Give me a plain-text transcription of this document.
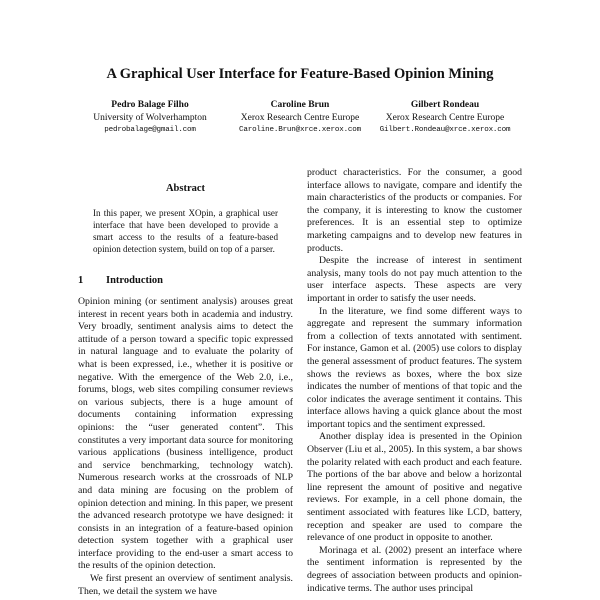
A Graphical User Interface for Feature-Based Opinion Mining
Pedro Balage Filho
University of Wolverhampton
pedrobalage@gmail.com
Caroline Brun
Xerox Research Centre Europe
Caroline.Brun@xrce.xerox.com
Gilbert Rondeau
Xerox Research Centre Europe
Gilbert.Rondeau@xrce.xerox.com
Abstract
In this paper, we present XOpin, a graphical user interface that have been developed to provide a smart access to the results of a feature-based opinion detection system, build on top of a parser.
1 Introduction

Opinion mining (or sentiment analysis) arouses great interest in recent years both in academia and industry. Very broadly, sentiment analysis aims to detect the attitude of a person toward a specific topic expressed in natural language and to evaluate the polarity of what is been expressed, i.e., whether it is positive or negative. With the emergence of the Web 2.0, i.e., forums, blogs, web sites compiling consumer reviews on various subjects, there is a huge amount of documents containing information expressing opinions: the “user generated content”. This constitutes a very important data source for monitoring various applications (business intelligence, product and service benchmarking, technology watch). Numerous research works at the crossroads of NLP and data mining are focusing on the problem of opinion detection and mining. In this paper, we present the advanced research prototype we have designed: it consists in an integration of a feature-based opinion detection system together with a graphical user interface providing to the end-user a smart access to the results of the opinion detection.

We first present an overview of sentiment analysis. Then, we detail the system we have

product characteristics. For the consumer, a good interface allows to navigate, compare and identify the main characteristics of the products or companies. For the company, it is interesting to know the customer preferences. It is an essential step to optimize marketing campaigns and to develop new features in products.

Despite the increase of interest in sentiment analysis, many tools do not pay much attention to the user interface aspects. These aspects are very important in order to satisfy the user needs.

In the literature, we find some different ways to aggregate and represent the summary information from a collection of texts annotated with sentiment. For instance, Gamon et al. (2005) use colors to display the general assessment of product features. The system shows the reviews as boxes, where the box size indicates the number of mentions of that topic and the color indicates the average sentiment it contains. This interface allows having a quick glance about the most important topics and the sentiment expressed.

Another display idea is presented in the Opinion Observer (Liu et al., 2005). In this system, a bar shows the polarity related with each product and each feature. The portions of the bar above and below a horizontal line represent the amount of positive and negative reviews. For example, in a cell phone domain, the sentiment associated with features like LCD, battery, reception and speaker are used to compare the relevance of one product in opposite to another.

Morinaga et al. (2002) present an interface where the sentiment information is represented by the degrees of association between products and opinion-indicative terms. The author uses principal
